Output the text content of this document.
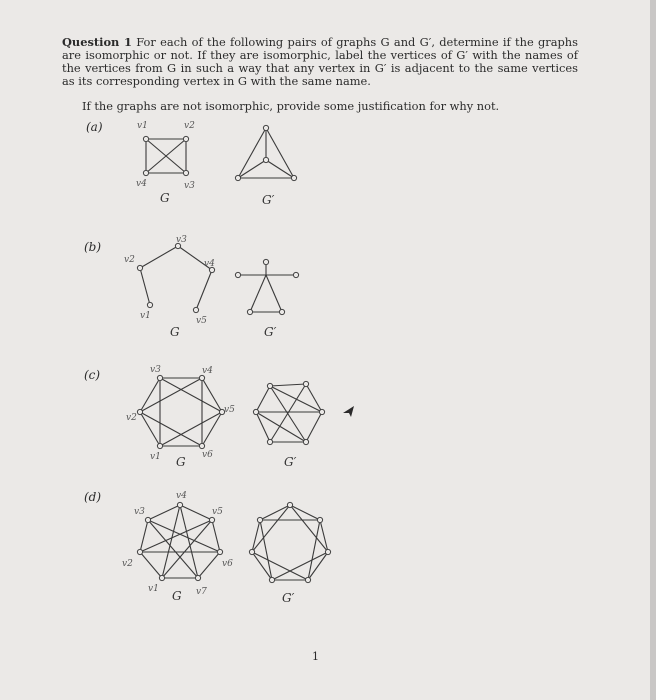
Question 1 For each of the following pairs of graphs G and G′, determine if the graphs are isomorphic or not. If they are isomorphic, label the vertices of G′ with the names of the vertices from G in such a way that any vertex in G′ is adjacent to the same vertices as its corresponding vertex in G with the same name.
If the graphs are not isomorphic, provide some justification for why not.
(a)
(b)
(c)
(d)
v1	v2
v3
v4
G	G′
v1
v2
v3
v4
v5
G	G′
v1
v2
v3	v4
v5
v6
G	G′
v1
v2
v3
v4
v5
v6
v7
G	G′
1
